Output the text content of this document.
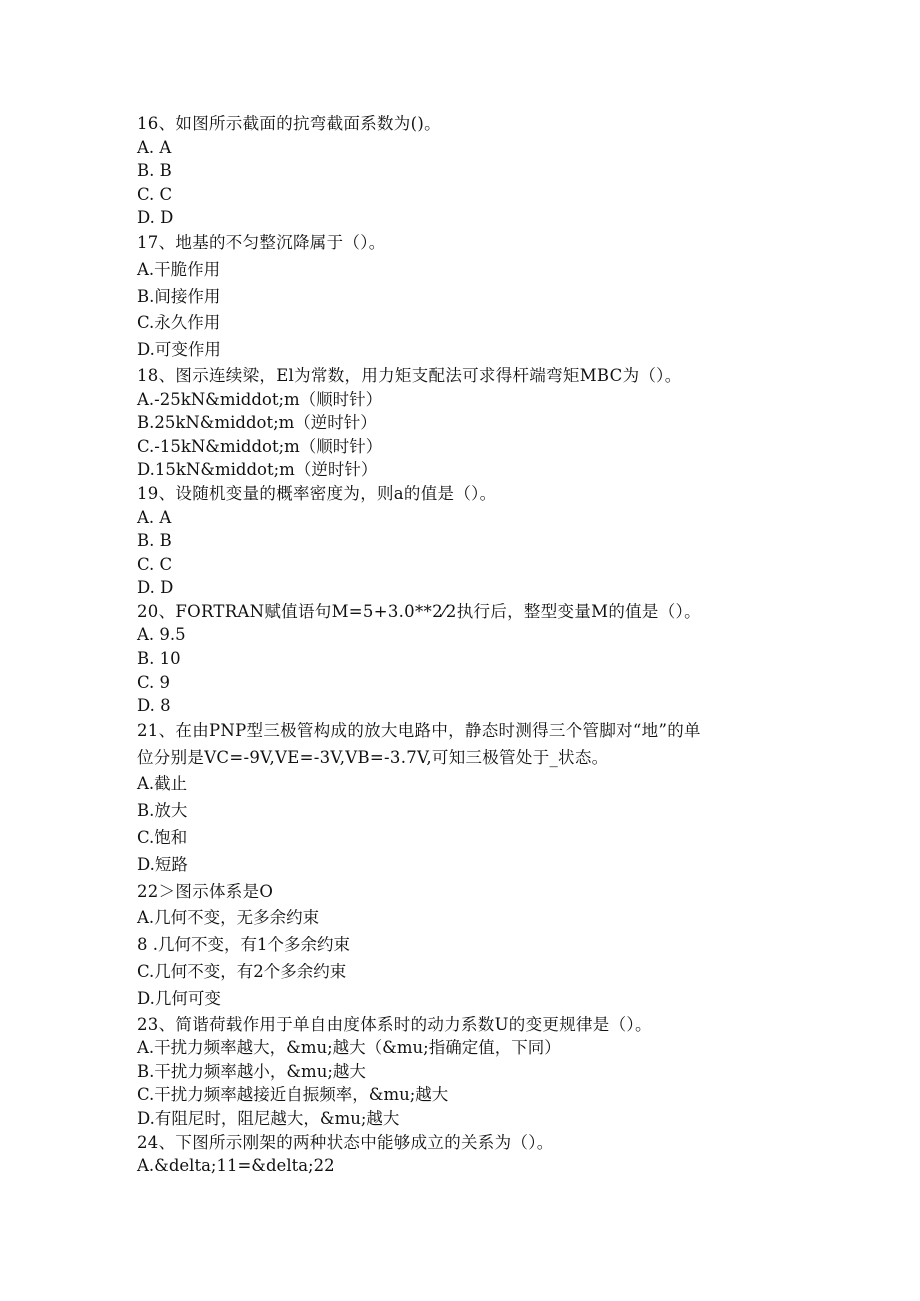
16、如图所示截面的抗弯截面系数为()。
A. A
B. B
C. C
D. D
17、地基的不匀整沉降属于（）。
A.干脆作用
B.间接作用
C.永久作用
D.可变作用
18、图示连续梁，El为常数，用力矩支配法可求得杆端弯矩MBC为（）。
A.-25kN&middot;m（顺时针）
B.25kN&middot;m（逆时针）
C.-15kN&middot;m（顺时针）
D.15kN&middot;m（逆时针）
19、设随机变量的概率密度为，则a的值是（）。
A. A
B. B
C. C
D. D
20、FORTRAN赋值语句M=5+3.0**2⁄2执行后，整型变量M的值是（）。
A. 9.5
B. 10
C. 9
D. 8
21、在由PNP型三极管构成的放大电路中，静态时测得三个管脚对“地”的单
位分别是VC=-9V,VE=-3V,VB=-3.7V,可知三极管处于_状态。
A.截止
B.放大
C.饱和
D.短路
22＞图示体系是O
A.几何不变，无多余约束
8 .几何不变，有1个多余约束
C.几何不变，有2个多余约束
D.几何可变
23、简谐荷载作用于单自由度体系时的动力系数U的变更规律是（）。
A.干扰力频率越大，&mu;越大（&mu;指确定值，下同）
B.干扰力频率越小，&mu;越大
C.干扰力频率越接近自振频率，&mu;越大
D.有阻尼时，阻尼越大，&mu;越大
24、下图所示刚架的两种状态中能够成立的关系为（）。
A.&delta;11=&delta;22
